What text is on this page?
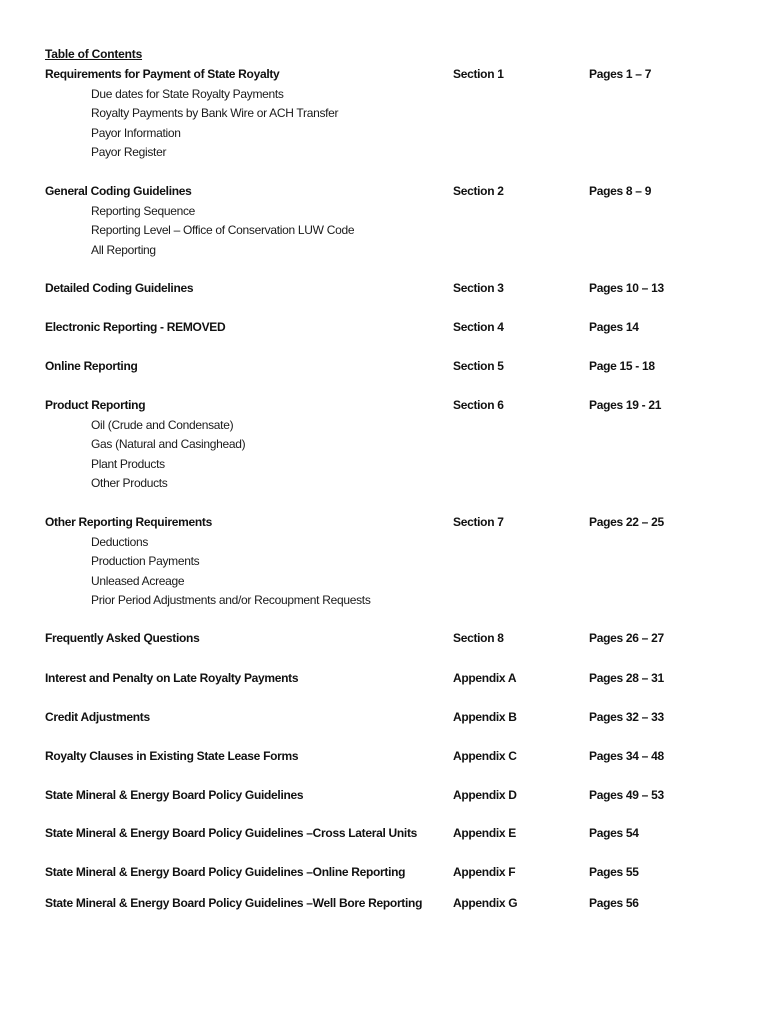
Table of Contents
Requirements for Payment of State Royalty	Section 1	Pages 1 – 7
Due dates for State Royalty Payments
Royalty Payments by Bank Wire or ACH Transfer
Payor Information
Payor Register
General Coding Guidelines	Section 2	Pages 8 – 9
Reporting Sequence
Reporting Level – Office of Conservation LUW Code
All Reporting
Detailed Coding Guidelines	Section 3	Pages 10 – 13
Electronic Reporting - REMOVED	Section 4	Pages 14
Online Reporting	Section 5	Page 15 - 18
Product Reporting	Section 6	Pages 19 - 21
Oil (Crude and Condensate)
Gas (Natural and Casinghead)
Plant Products
Other Products
Other Reporting Requirements	Section 7	Pages 22 – 25
Deductions
Production Payments
Unleased Acreage
Prior Period Adjustments and/or Recoupment Requests
Frequently Asked Questions	Section 8	Pages 26 – 27
Interest and Penalty on Late Royalty Payments	Appendix A	Pages 28 – 31
Credit Adjustments	Appendix B	Pages 32 – 33
Royalty Clauses in Existing State Lease Forms	Appendix C	Pages 34 – 48
State Mineral & Energy Board Policy Guidelines	Appendix D	Pages 49 – 53
State Mineral & Energy Board Policy Guidelines –Cross Lateral Units	Appendix E	Pages 54
State Mineral & Energy Board Policy Guidelines –Online Reporting	Appendix F	Pages 55
State Mineral & Energy Board Policy Guidelines –Well Bore Reporting	Appendix G	Pages 56
